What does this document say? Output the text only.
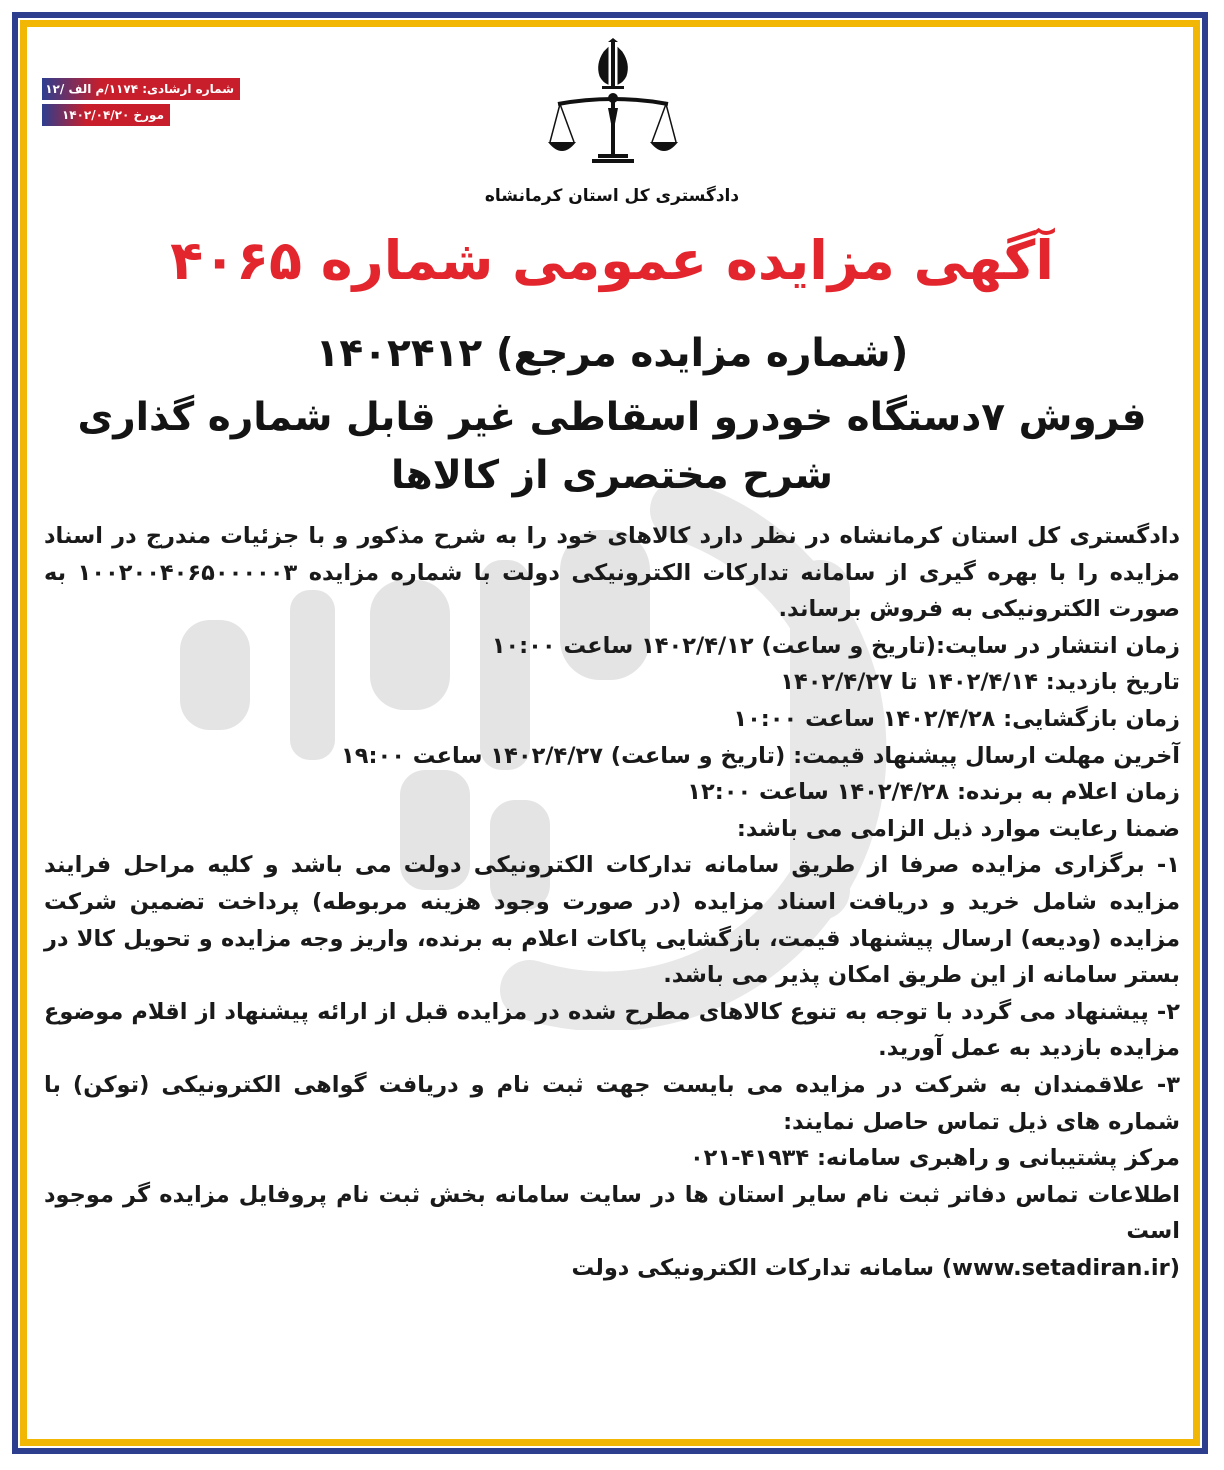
شماره ارشادی: ۱۱۷۴/م الف /۱۲
مورخ ۱۴۰۲/۰۴/۲۰
دادگستری کل استان کرمانشاه
آگهی مزایده عمومی شماره ۴۰۶۵
(شماره مزایده مرجع) ۱۴۰۲۴۱۲
فروش ۷دستگاه خودرو اسقاطی غیر قابل شماره گذاری
شرح مختصری از کالاها

دادگستری کل استان کرمانشاه در نظر دارد کالاهای خود را به شرح مذکور و با جزئیات مندرج در اسناد مزایده را با بهره گیری از سامانه تدارکات الکترونیکی دولت با شماره مزایده ۱۰۰۲۰۰۴۰۶۵۰۰۰۰۰۳ به صورت الکترونیکی به فروش برساند.

زمان انتشار در سایت:(تاریخ و ساعت) ۱۴۰۲/۴/۱۲ ساعت ۱۰:۰۰

تاریخ بازدید: ۱۴۰۲/۴/۱۴ تا ۱۴۰۲/۴/۲۷

زمان بازگشایی: ۱۴۰۲/۴/۲۸ ساعت ۱۰:۰۰

آخرین مهلت ارسال پیشنهاد قیمت: (تاریخ و ساعت) ۱۴۰۲/۴/۲۷ ساعت ۱۹:۰۰

زمان اعلام به برنده: ۱۴۰۲/۴/۲۸ ساعت ۱۲:۰۰

ضمنا رعایت موارد ذیل الزامی می باشد:

۱- برگزاری مزایده صرفا از طریق سامانه تدارکات الکترونیکی دولت می باشد و کلیه مراحل فرایند مزایده شامل خرید و دریافت اسناد مزایده (در صورت وجود هزینه مربوطه) پرداخت تضمین شرکت مزایده (ودیعه) ارسال پیشنهاد قیمت، بازگشایی پاکات اعلام به برنده، واریز وجه مزایده و تحویل کالا در بستر سامانه از این طریق امکان پذیر می باشد.

۲- پیشنهاد می گردد با توجه به تنوع کالاهای مطرح شده در مزایده قبل از ارائه پیشنهاد از اقلام موضوع مزایده بازدید به عمل آورید.

۳- علاقمندان به شرکت در مزایده می بایست جهت ثبت نام و دریافت گواهی الکترونیکی (توکن) با شماره های ذیل تماس حاصل نمایند:

مرکز پشتیبانی و راهبری سامانه: ۴۱۹۳۴-۰۲۱

اطلاعات تماس دفاتر ثبت نام سایر استان ها در سایت سامانه بخش ثبت نام پروفایل مزایده گر موجود است

(www.setadiran.ir) سامانه تدارکات الکترونیکی دولت
